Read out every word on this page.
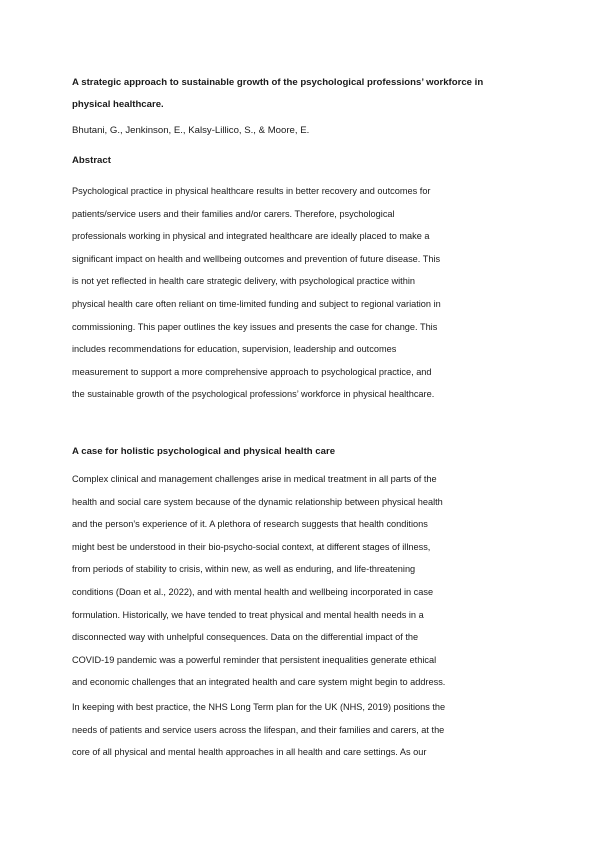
A strategic approach to sustainable growth of the psychological professions’ workforce in
physical healthcare.

Bhutani, G., Jenkinson, E., Kalsy-Lillico, S., & Moore, E.

Abstract
Psychological practice in physical healthcare results in better recovery and outcomes for
patients/service users and their families and/or carers. Therefore, psychological
professionals working in physical and integrated healthcare are ideally placed to make a
significant impact on health and wellbeing outcomes and prevention of future disease. This
is not yet reflected in health care strategic delivery, with psychological practice within
physical health care often reliant on time-limited funding and subject to regional variation in
commissioning. This paper outlines the key issues and presents the case for change. This
includes recommendations for education, supervision, leadership and outcomes
measurement to support a more comprehensive approach to psychological practice, and
the sustainable growth of the psychological professions’ workforce in physical healthcare.
A case for holistic psychological and physical health care
Complex clinical and management challenges arise in medical treatment in all parts of the
health and social care system because of the dynamic relationship between physical health
and the person’s experience of it. A plethora of research suggests that health conditions
might best be understood in their bio-psycho-social context, at different stages of illness,
from periods of stability to crisis, within new, as well as enduring, and life-threatening
conditions (Doan et al., 2022), and with mental health and wellbeing incorporated in case
formulation. Historically, we have tended to treat physical and mental health needs in a
disconnected way with unhelpful consequences. Data on the differential impact of the
COVID-19 pandemic was a powerful reminder that persistent inequalities generate ethical
and economic challenges that an integrated health and care system might begin to address.
In keeping with best practice, the NHS Long Term plan for the UK (NHS, 2019) positions the
needs of patients and service users across the lifespan, and their families and carers, at the
core of all physical and mental health approaches in all health and care settings. As our
